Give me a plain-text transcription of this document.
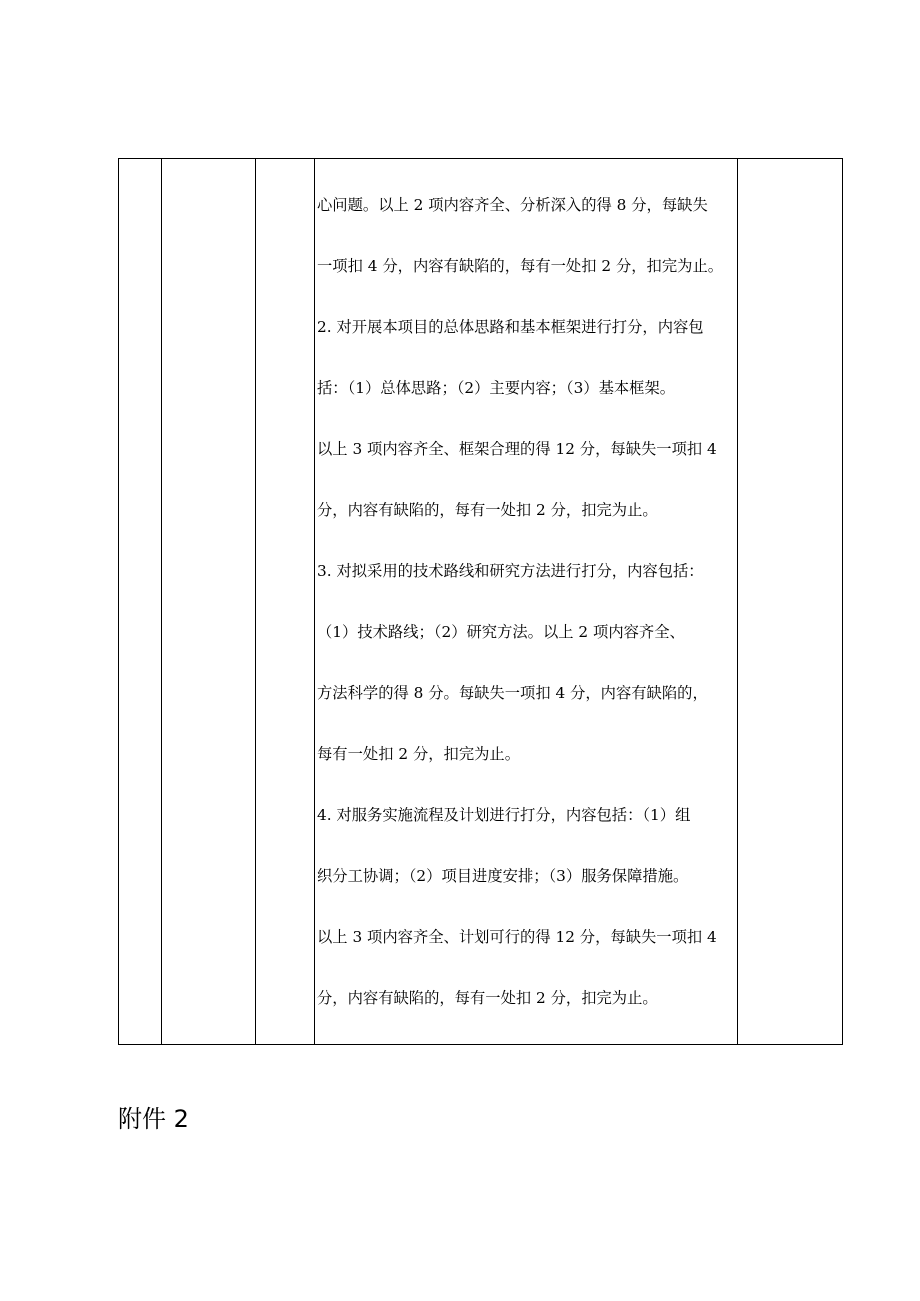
心问题。以上 2 项内容齐全、分析深入的得 8 分，每缺失

一项扣 4 分，内容有缺陷的，每有一处扣 2 分，扣完为止。

2. 对开展本项目的总体思路和基本框架进行打分，内容包

括：（1）总体思路；（2）主要内容；（3）基本框架。

以上 3 项内容齐全、框架合理的得 12 分，每缺失一项扣 4

分，内容有缺陷的，每有一处扣 2 分，扣完为止。

3. 对拟采用的技术路线和研究方法进行打分，内容包括：

（1）技术路线；（2）研究方法。以上 2 项内容齐全、

方法科学的得 8 分。每缺失一项扣 4 分，内容有缺陷的，

每有一处扣 2 分，扣完为止。

4. 对服务实施流程及计划进行打分，内容包括：（1）组

织分工协调；（2）项目进度安排；（3）服务保障措施。

以上 3 项内容齐全、计划可行的得 12 分，每缺失一项扣 4

分，内容有缺陷的，每有一处扣 2 分，扣完为止。

附件 2
